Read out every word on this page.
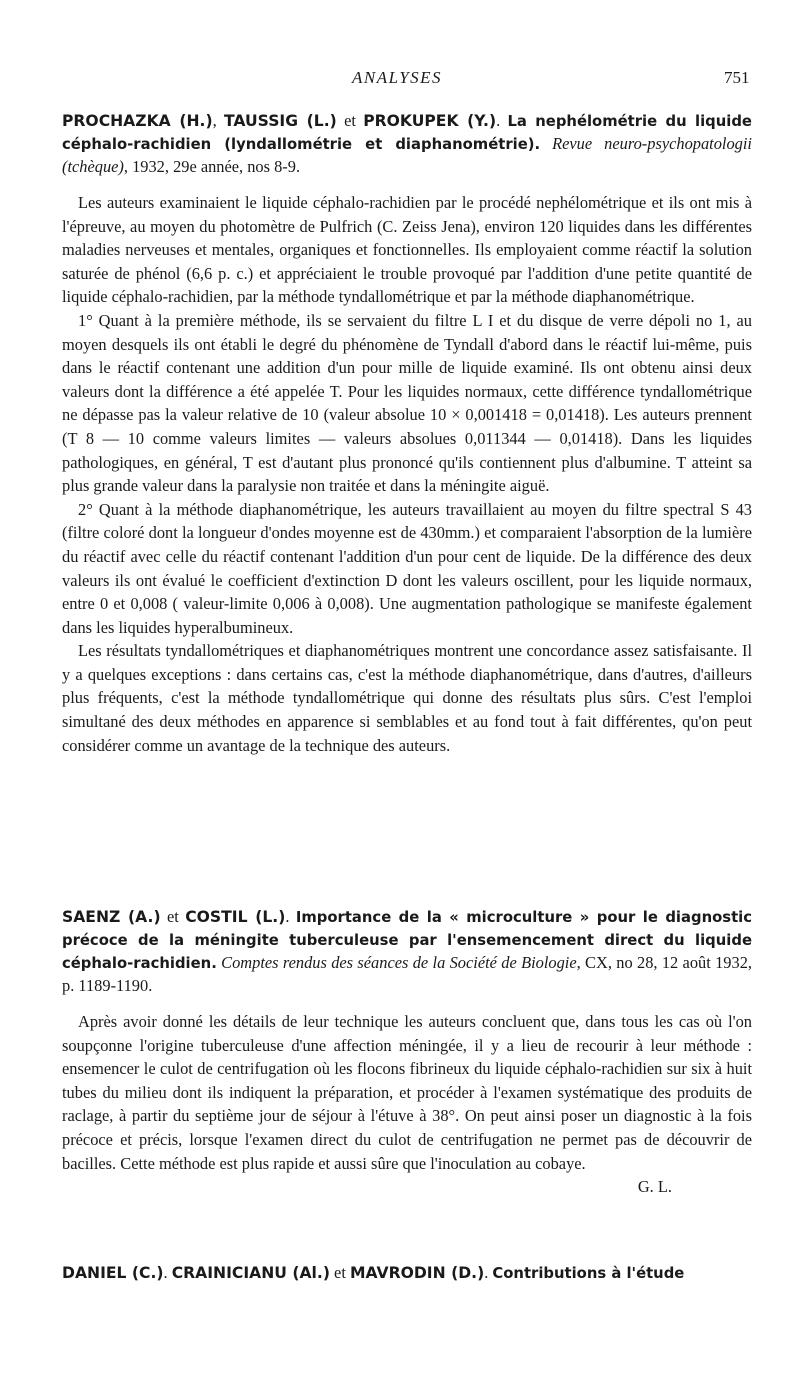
ANALYSES	751

PROCHAZKA (H.), TAUSSIG (L.) et PROKUPEK (Y.). La nephélométrie du liquide céphalo-rachidien (lyndallométrie et diaphanométrie). Revue neuro-psychopatologii (tchèque), 1932, 29e année, nos 8-9.

Les auteurs examinaient le liquide céphalo-rachidien par le procédé nephélométrique et ils ont mis à l'épreuve, au moyen du photomètre de Pulfrich (C. Zeiss Jena), environ 120 liquides dans les différentes maladies nerveuses et mentales, organiques et fonctionnelles. Ils employaient comme réactif la solution saturée de phénol (6,6 p. c.) et appréciaient le trouble provoqué par l'addition d'une petite quantité de liquide céphalo-rachidien, par la méthode tyndallométrique et par la méthode diaphanométrique.

1° Quant à la première méthode, ils se servaient du filtre L I et du disque de verre dépoli no 1, au moyen desquels ils ont établi le degré du phénomène de Tyndall d'abord dans le réactif lui-même, puis dans le réactif contenant une addition d'un pour mille de liquide examiné. Ils ont obtenu ainsi deux valeurs dont la différence a été appelée T. Pour les liquides normaux, cette différence tyndallométrique ne dépasse pas la valeur relative de 10 (valeur absolue 10 × 0,001418 = 0,01418). Les auteurs prennent (T 8 — 10 comme valeurs limites — valeurs absolues 0,011344 — 0,01418). Dans les liquides pathologiques, en général, T est d'autant plus prononcé qu'ils contiennent plus d'albumine. T atteint sa plus grande valeur dans la paralysie non traitée et dans la méningite aiguë.

2° Quant à la méthode diaphanométrique, les auteurs travaillaient au moyen du filtre spectral S 43 (filtre coloré dont la longueur d'ondes moyenne est de 430mm.) et comparaient l'absorption de la lumière du réactif avec celle du réactif contenant l'addition d'un pour cent de liquide. De la différence des deux valeurs ils ont évalué le coefficient d'extinction D dont les valeurs oscillent, pour les liquide normaux, entre 0 et 0,008 ( valeur-limite 0,006 à 0,008). Une augmentation pathologique se manifeste également dans les liquides hyperalbumineux.

Les résultats tyndallométriques et diaphanométriques montrent une concordance assez satisfaisante. Il y a quelques exceptions : dans certains cas, c'est la méthode diaphanométrique, dans d'autres, d'ailleurs plus fréquents, c'est la méthode tyndallométrique qui donne des résultats plus sûrs. C'est l'emploi simultané des deux méthodes en apparence si semblables et au fond tout à fait différentes, qu'on peut considérer comme un avantage de la technique des auteurs.

SAENZ (A.) et COSTIL (L.). Importance de la « microculture » pour le diagnostic précoce de la méningite tuberculeuse par l'ensemencement direct du liquide céphalo-rachidien. Comptes rendus des séances de la Société de Biologie, CX, no 28, 12 août 1932, p. 1189-1190.

Après avoir donné les détails de leur technique les auteurs concluent que, dans tous les cas où l'on soupçonne l'origine tuberculeuse d'une affection méningée, il y a lieu de recourir à leur méthode : ensemencer le culot de centrifugation où les flocons fibrineux du liquide céphalo-rachidien sur six à huit tubes du milieu dont ils indiquent la préparation, et procéder à l'examen systématique des produits de raclage, à partir du septième jour de séjour à l'étuve à 38°. On peut ainsi poser un diagnostic à la fois précoce et précis, lorsque l'examen direct du culot de centrifugation ne permet pas de découvrir de bacilles. Cette méthode est plus rapide et aussi sûre que l'inoculation au cobaye.

G. L.

DANIEL (C.). CRAINICIANU (Al.) et MAVRODIN (D.). Contributions à l'étude
